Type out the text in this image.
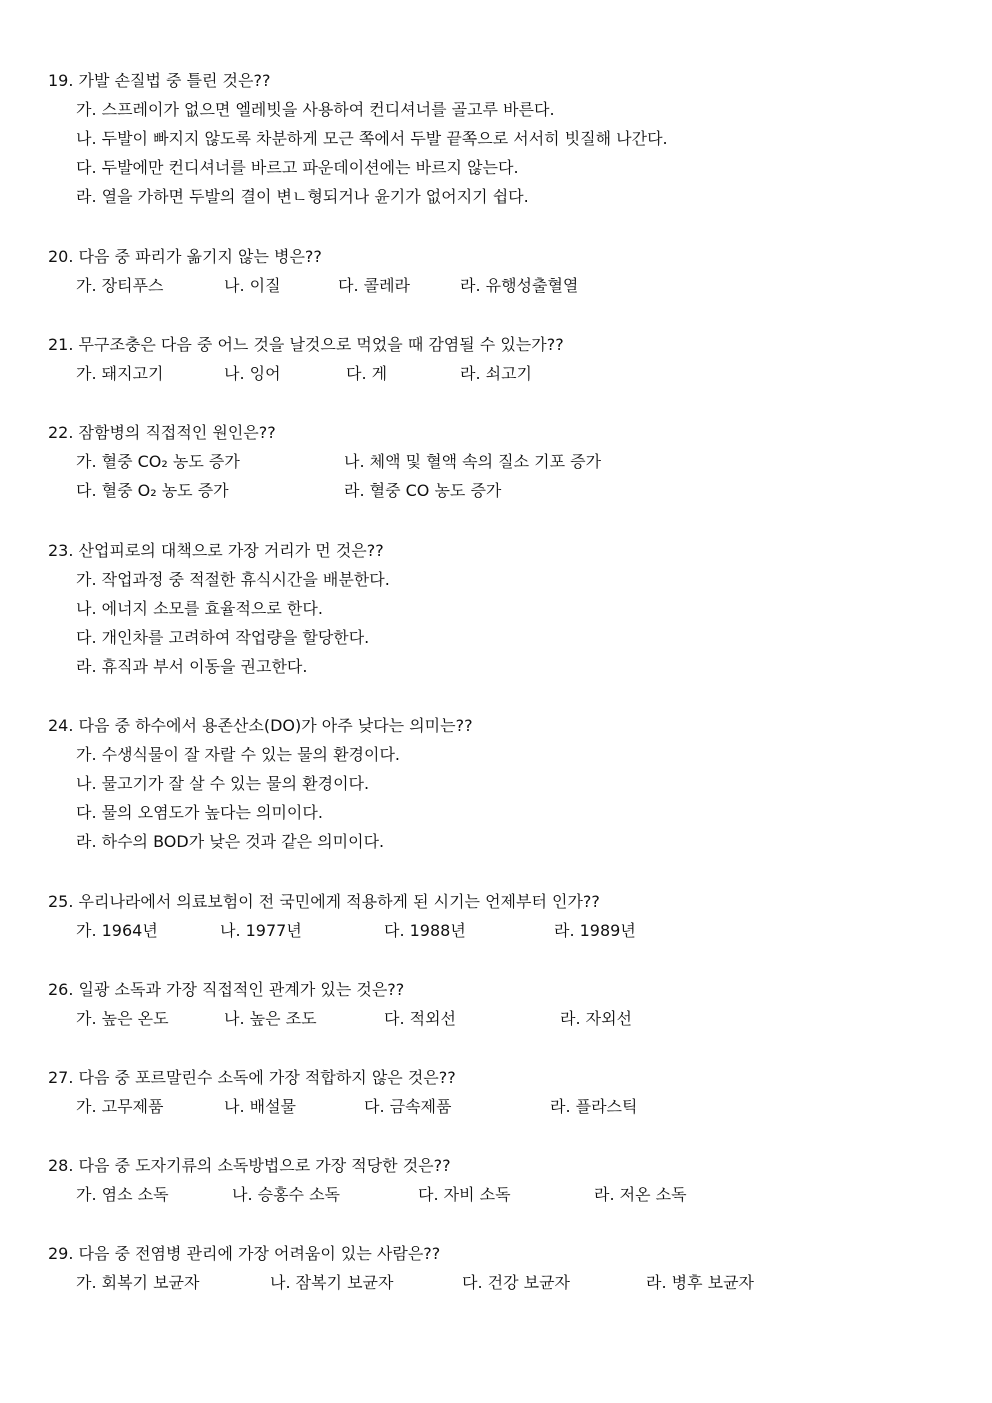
19. 가발 손질법 중 틀린 것은??
가. 스프레이가 없으면 엘레빗을 사용하여 컨디셔너를 골고루 바른다.
나. 두발이 빠지지 않도록 차분하게 모근 쪽에서 두발 끝쪽으로 서서히 빗질해 나간다.
다. 두발에만 컨디셔너를 바르고 파운데이션에는 바르지 않는다.
라. 열을 가하면 두발의 결이 변ㄴ형되거나 윤기가 없어지기 쉽다.
20. 다음 중 파리가 옮기지 않는 병은??
가. 장티푸스	나. 이질	다. 콜레라	라. 유행성출혈열
21. 무구조충은 다음 중 어느 것을 날것으로 먹었을 때 감염될 수 있는가??
가. 돼지고기	나. 잉어	다. 게	라. 쇠고기
22. 잠함병의 직접적인 원인은??
가. 혈중 CO₂ 농도 증가	나. 체액 및 혈액 속의 질소 기포 증가
다. 혈중 O₂ 농도 증가	라. 혈중 CO 농도 증가
23. 산업피로의 대책으로 가장 거리가 먼 것은??
가. 작업과정 중 적절한 휴식시간을 배분한다.
나. 에너지 소모를 효율적으로 한다.
다. 개인차를 고려하여 작업량을 할당한다.
라. 휴직과 부서 이동을 권고한다.
24. 다음 중 하수에서 용존산소(DO)가 아주 낮다는 의미는??
가. 수생식물이 잘 자랄 수 있는 물의 환경이다.
나. 물고기가 잘 살 수 있는 물의 환경이다.
다. 물의 오염도가 높다는 의미이다.
라. 하수의 BOD가 낮은 것과 같은 의미이다.
25. 우리나라에서 의료보험이 전 국민에게 적용하게 된 시기는 언제부터 인가??
가. 1964년	나. 1977년	다. 1988년	라. 1989년
26. 일광 소독과 가장 직접적인 관계가 있는 것은??
가. 높은 온도	나. 높은 조도	다. 적외선	라. 자외선
27. 다음 중 포르말린수 소독에 가장 적합하지 않은 것은??
가. 고무제품	나. 배설물	다. 금속제품	라. 플라스틱
28. 다음 중 도자기류의 소독방법으로 가장 적당한 것은??
가. 염소 소독	나. 승홍수 소독	다. 자비 소독	라. 저온 소독
29. 다음 중 전염병 관리에 가장 어려움이 있는 사람은??
가. 회복기 보균자	나. 잠복기 보균자	다. 건강 보균자	라. 병후 보균자
